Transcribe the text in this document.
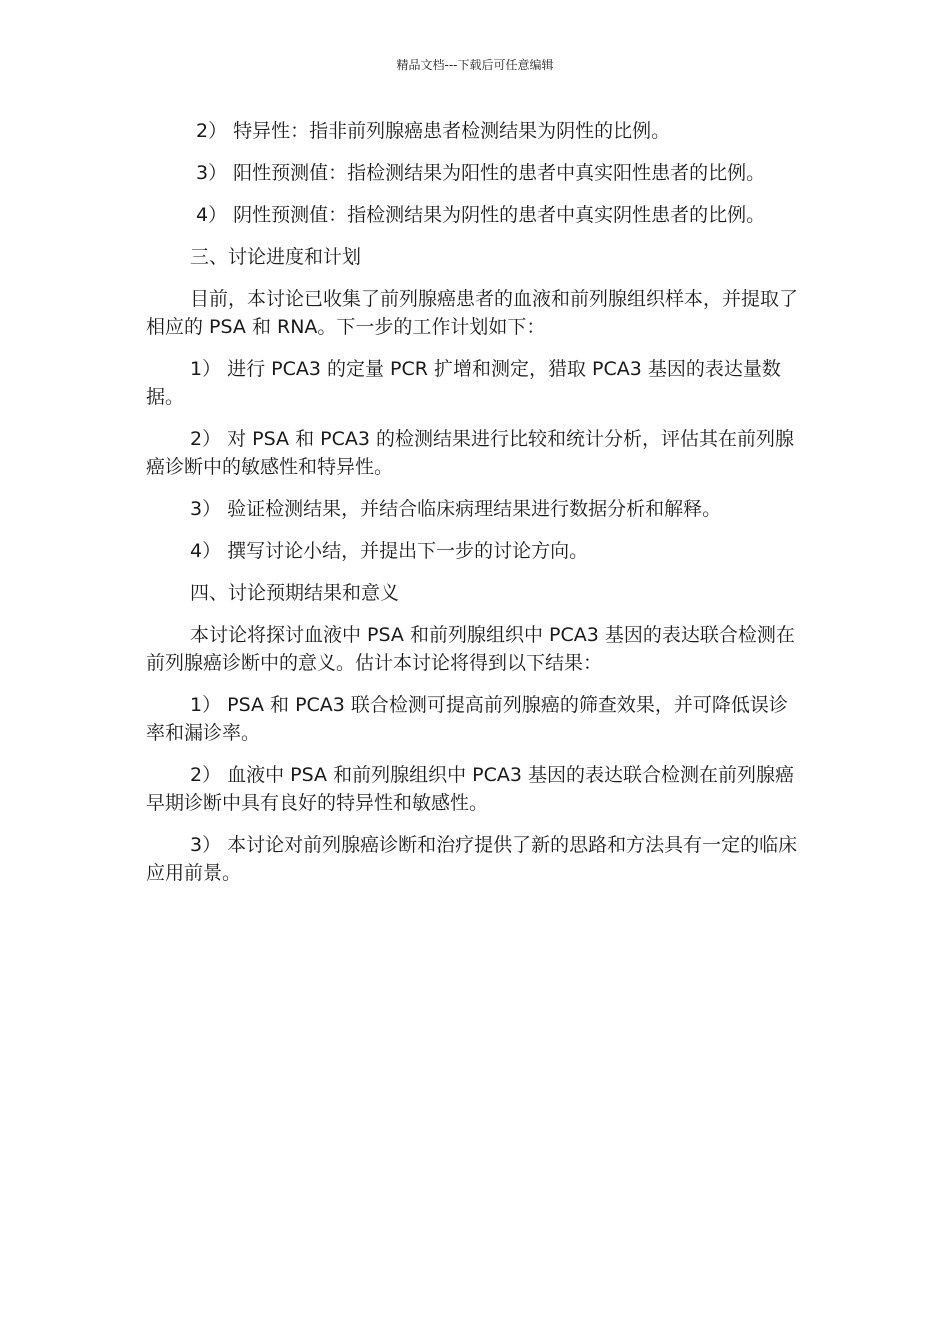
精品文档---下载后可任意编辑

2） 特异性：指非前列腺癌患者检测结果为阴性的比例。

3） 阳性预测值：指检测结果为阳性的患者中真实阳性患者的比例。

4） 阴性预测值：指检测结果为阴性的患者中真实阴性患者的比例。

三、讨论进度和计划

目前，本讨论已收集了前列腺癌患者的血液和前列腺组织样本，并提取了相应的 PSA 和 RNA。下一步的工作计划如下：

1） 进行 PCA3 的定量 PCR 扩增和测定，猎取 PCA3 基因的表达量数据。

2） 对 PSA 和 PCA3 的检测结果进行比较和统计分析，评估其在前列腺癌诊断中的敏感性和特异性。

3） 验证检测结果，并结合临床病理结果进行数据分析和解释。

4） 撰写讨论小结，并提出下一步的讨论方向。

四、讨论预期结果和意义

本讨论将探讨血液中 PSA 和前列腺组织中 PCA3 基因的表达联合检测在前列腺癌诊断中的意义。估计本讨论将得到以下结果：

1） PSA 和 PCA3 联合检测可提高前列腺癌的筛查效果，并可降低误诊率和漏诊率。

2） 血液中 PSA 和前列腺组织中 PCA3 基因的表达联合检测在前列腺癌早期诊断中具有良好的特异性和敏感性。

3） 本讨论对前列腺癌诊断和治疗提供了新的思路和方法具有一定的临床应用前景。
